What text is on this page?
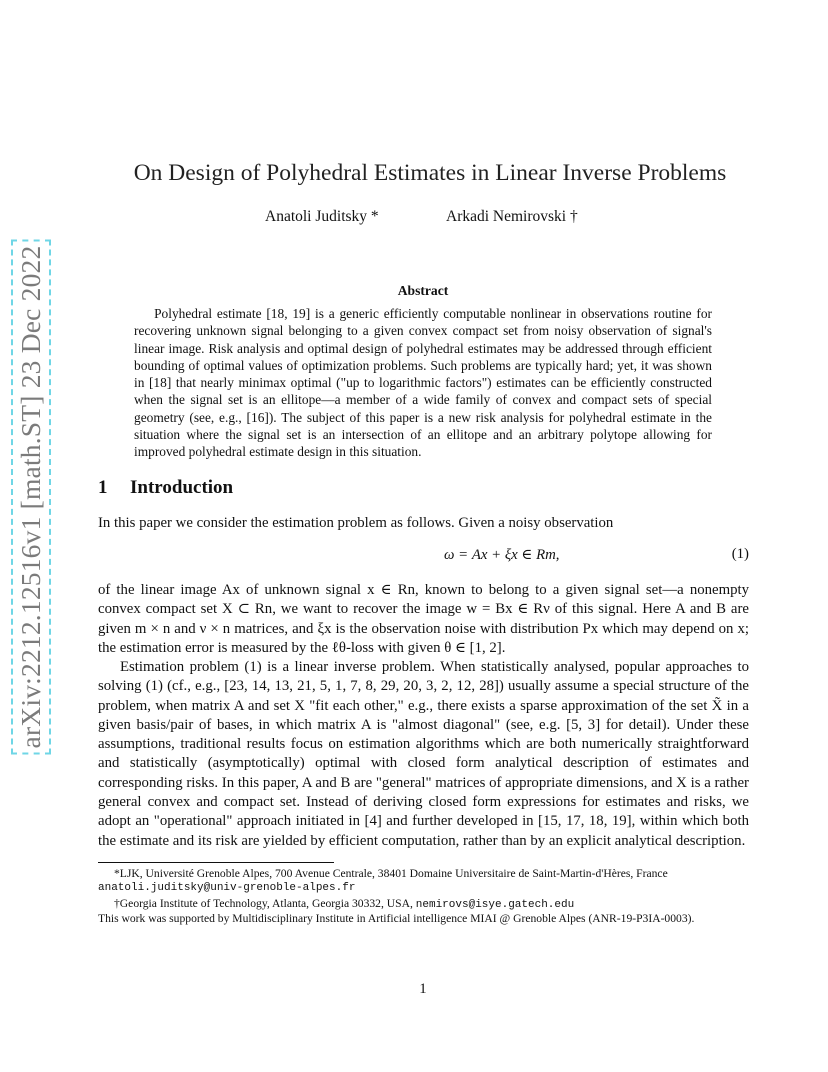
arXiv:2212.12516v1 [math.ST] 23 Dec 2022
On Design of Polyhedral Estimates in Linear Inverse Problems
Anatoli Juditsky *	Arkadi Nemirovski †
Abstract

Polyhedral estimate [18, 19] is a generic efficiently computable nonlinear in observations routine for recovering unknown signal belonging to a given convex compact set from noisy observation of signal's linear image. Risk analysis and optimal design of polyhedral estimates may be addressed through efficient bounding of optimal values of optimization problems. Such problems are typically hard; yet, it was shown in [18] that nearly minimax optimal ("up to logarithmic factors") estimates can be efficiently constructed when the signal set is an ellitope—a member of a wide family of convex and compact sets of special geometry (see, e.g., [16]). The subject of this paper is a new risk analysis for polyhedral estimate in the situation where the signal set is an intersection of an ellitope and an arbitrary polytope allowing for improved polyhedral estimate design in this situation.

1 Introduction
In this paper we consider the estimation problem as follows. Given a noisy observation
ω = Ax + ξx ∈ Rm,	(1)

of the linear image Ax of unknown signal x ∈ Rn, known to belong to a given signal set—a nonempty convex compact set X ⊂ Rn, we want to recover the image w = Bx ∈ Rν of this signal. Here A and B are given m × n and ν × n matrices, and ξx is the observation noise with distribution Px which may depend on x; the estimation error is measured by the ℓθ-loss with given θ ∈ [1, 2].

Estimation problem (1) is a linear inverse problem. When statistically analysed, popular approaches to solving (1) (cf., e.g., [23, 14, 13, 21, 5, 1, 7, 8, 29, 20, 3, 2, 12, 28]) usually assume a special structure of the problem, when matrix A and set X "fit each other," e.g., there exists a sparse approximation of the set X̃ in a given basis/pair of bases, in which matrix A is "almost diagonal" (see, e.g. [5, 3] for detail). Under these assumptions, traditional results focus on estimation algorithms which are both numerically straightforward and statistically (asymptotically) optimal with closed form analytical description of estimates and corresponding risks. In this paper, A and B are "general" matrices of appropriate dimensions, and X is a rather general convex and compact set. Instead of deriving closed form expressions for estimates and risks, we adopt an "operational" approach initiated in [4] and further developed in [15, 17, 18, 19], within which both the estimate and its risk are yielded by efficient computation, rather than by an explicit analytical description.

*LJK, Université Grenoble Alpes, 700 Avenue Centrale, 38401 Domaine Universitaire de Saint-Martin-d'Hères, France
anatoli.juditsky@univ-grenoble-alpes.fr
†Georgia Institute of Technology, Atlanta, Georgia 30332, USA, nemirovs@isye.gatech.edu
This work was supported by Multidisciplinary Institute in Artificial intelligence MIAI @ Grenoble Alpes (ANR-19-P3IA-0003).
1
